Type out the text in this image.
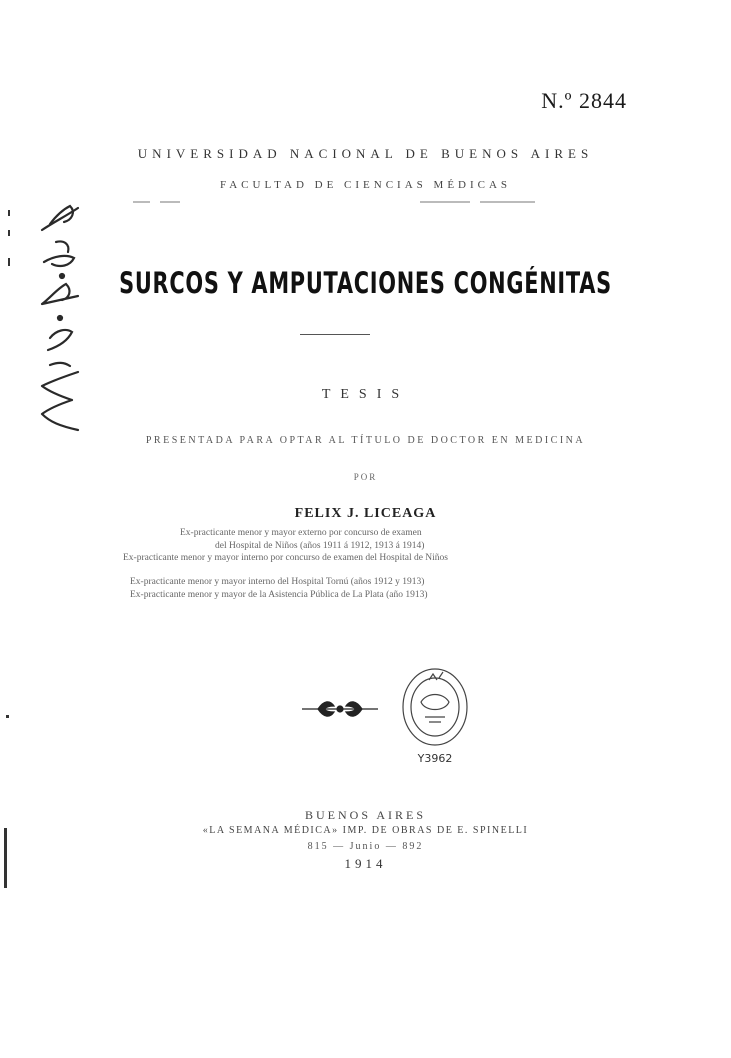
N.º 2844
UNIVERSIDAD NACIONAL DE BUENOS AIRES
FACULTAD DE CIENCIAS MÉDICAS
SURCOS Y AMPUTACIONES CONGÉNITAS
TESIS
PRESENTADA PARA OPTAR AL TÍTULO DE DOCTOR EN MEDICINA
POR
FELIX J. LICEAGA
Ex-practicante menor y mayor externo por concurso de examen
del Hospital de Niños (años 1911 á 1912, 1913 á 1914)
Ex-practicante menor y mayor interno por concurso de examen del Hospital de Niños
Ex-practicante menor y mayor interno del Hospital Tornú (años 1912 y 1913)
Ex-practicante menor y mayor de la Asistencia Pública de La Plata (año 1913)
Y3962
BUENOS AIRES
«LA SEMANA MÉDICA» IMP. DE OBRAS DE E. SPINELLI
815 — Junio — 892
1914
